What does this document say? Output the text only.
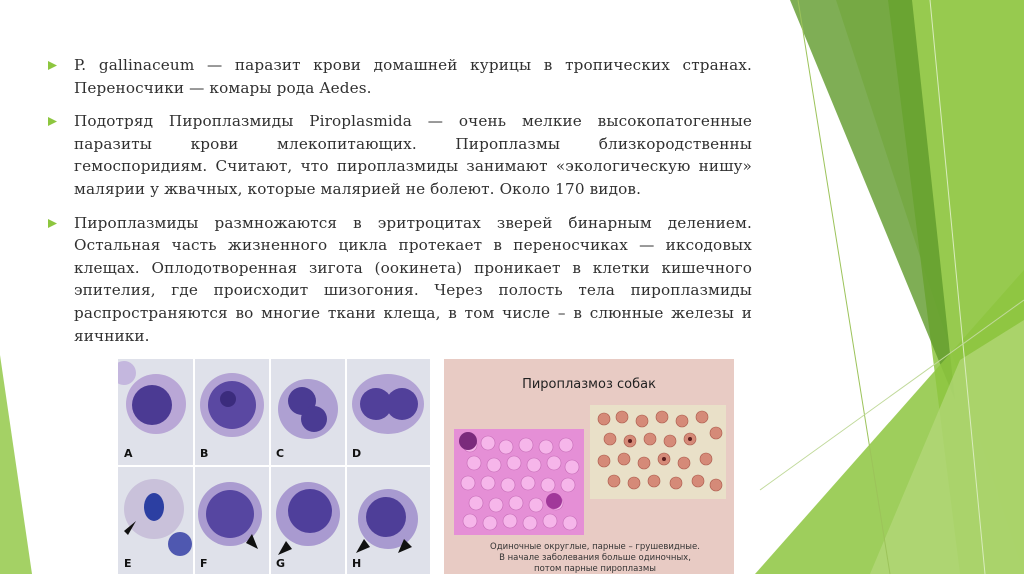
P. gallinaceum — паразит крови домашней курицы в тропических странах. Переносчики — комары рода Aedes.
Подотряд Пироплазмиды Piroplasmida — очень мелкие высокопатогенные паразиты крови млекопитающих. Пироплазмы близкородственны гемоспоридиям. Считают, что пироплазмиды занимают «экологическую нишу» малярии у жвачных, которые малярией не болеют. Около 170 видов.
Пироплазмиды размножаются в эритроцитах зверей бинарным делением. Остальная часть жизненного цикла протекает в переносчиках — иксодовых клещах. Оплодотворенная зигота (оокинета) проникает в клетки кишечного эпителия, где происходит шизогония. Через полость тела пироплазмиды распространяются во многие ткани клеща, в том числе – в слюнные железы и яичники.
A	B	C	D
E	F	G	H
Пироплазмоз собак
Одиночные округлые, парные – грушевидные.
В начале заболевания больше одиночных,
потом парные пироплазмы
